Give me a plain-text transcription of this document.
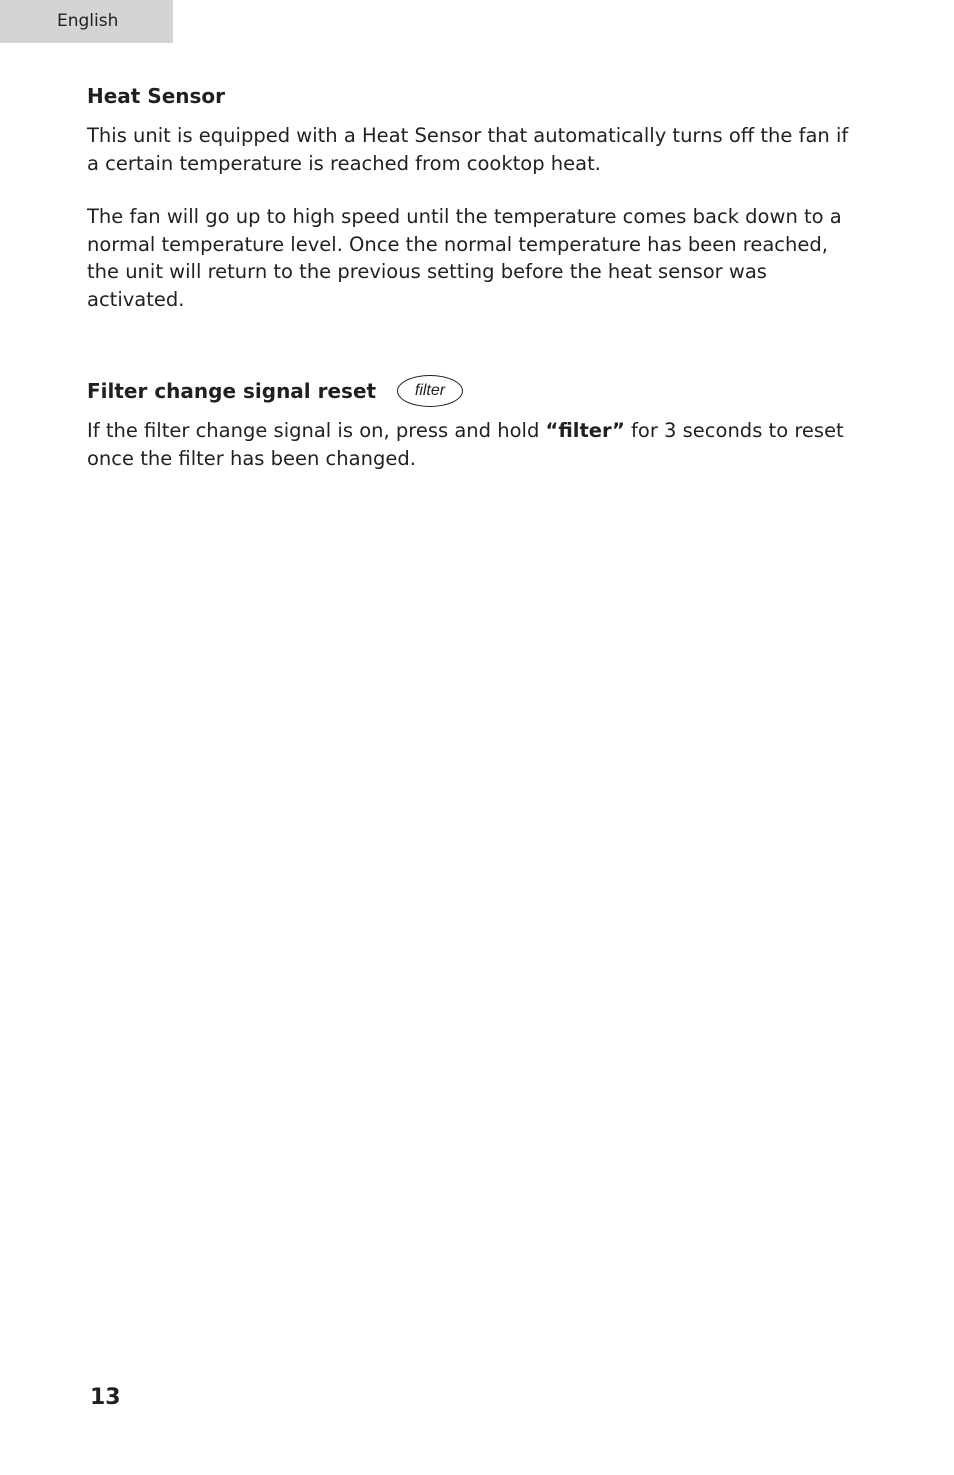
English
Heat Sensor

This unit is equipped with a Heat Sensor that automatically turns off the fan if a certain temperature is reached from cooktop heat.

The fan will go up to high speed until the temperature comes back down to a normal temperature level. Once the normal temperature has been reached, the unit will return to the previous setting before the heat sensor was activated.

Filter change signal reset	filter

If the filter change signal is on, press and hold “filter” for 3 seconds to reset once the filter has been changed.

13
